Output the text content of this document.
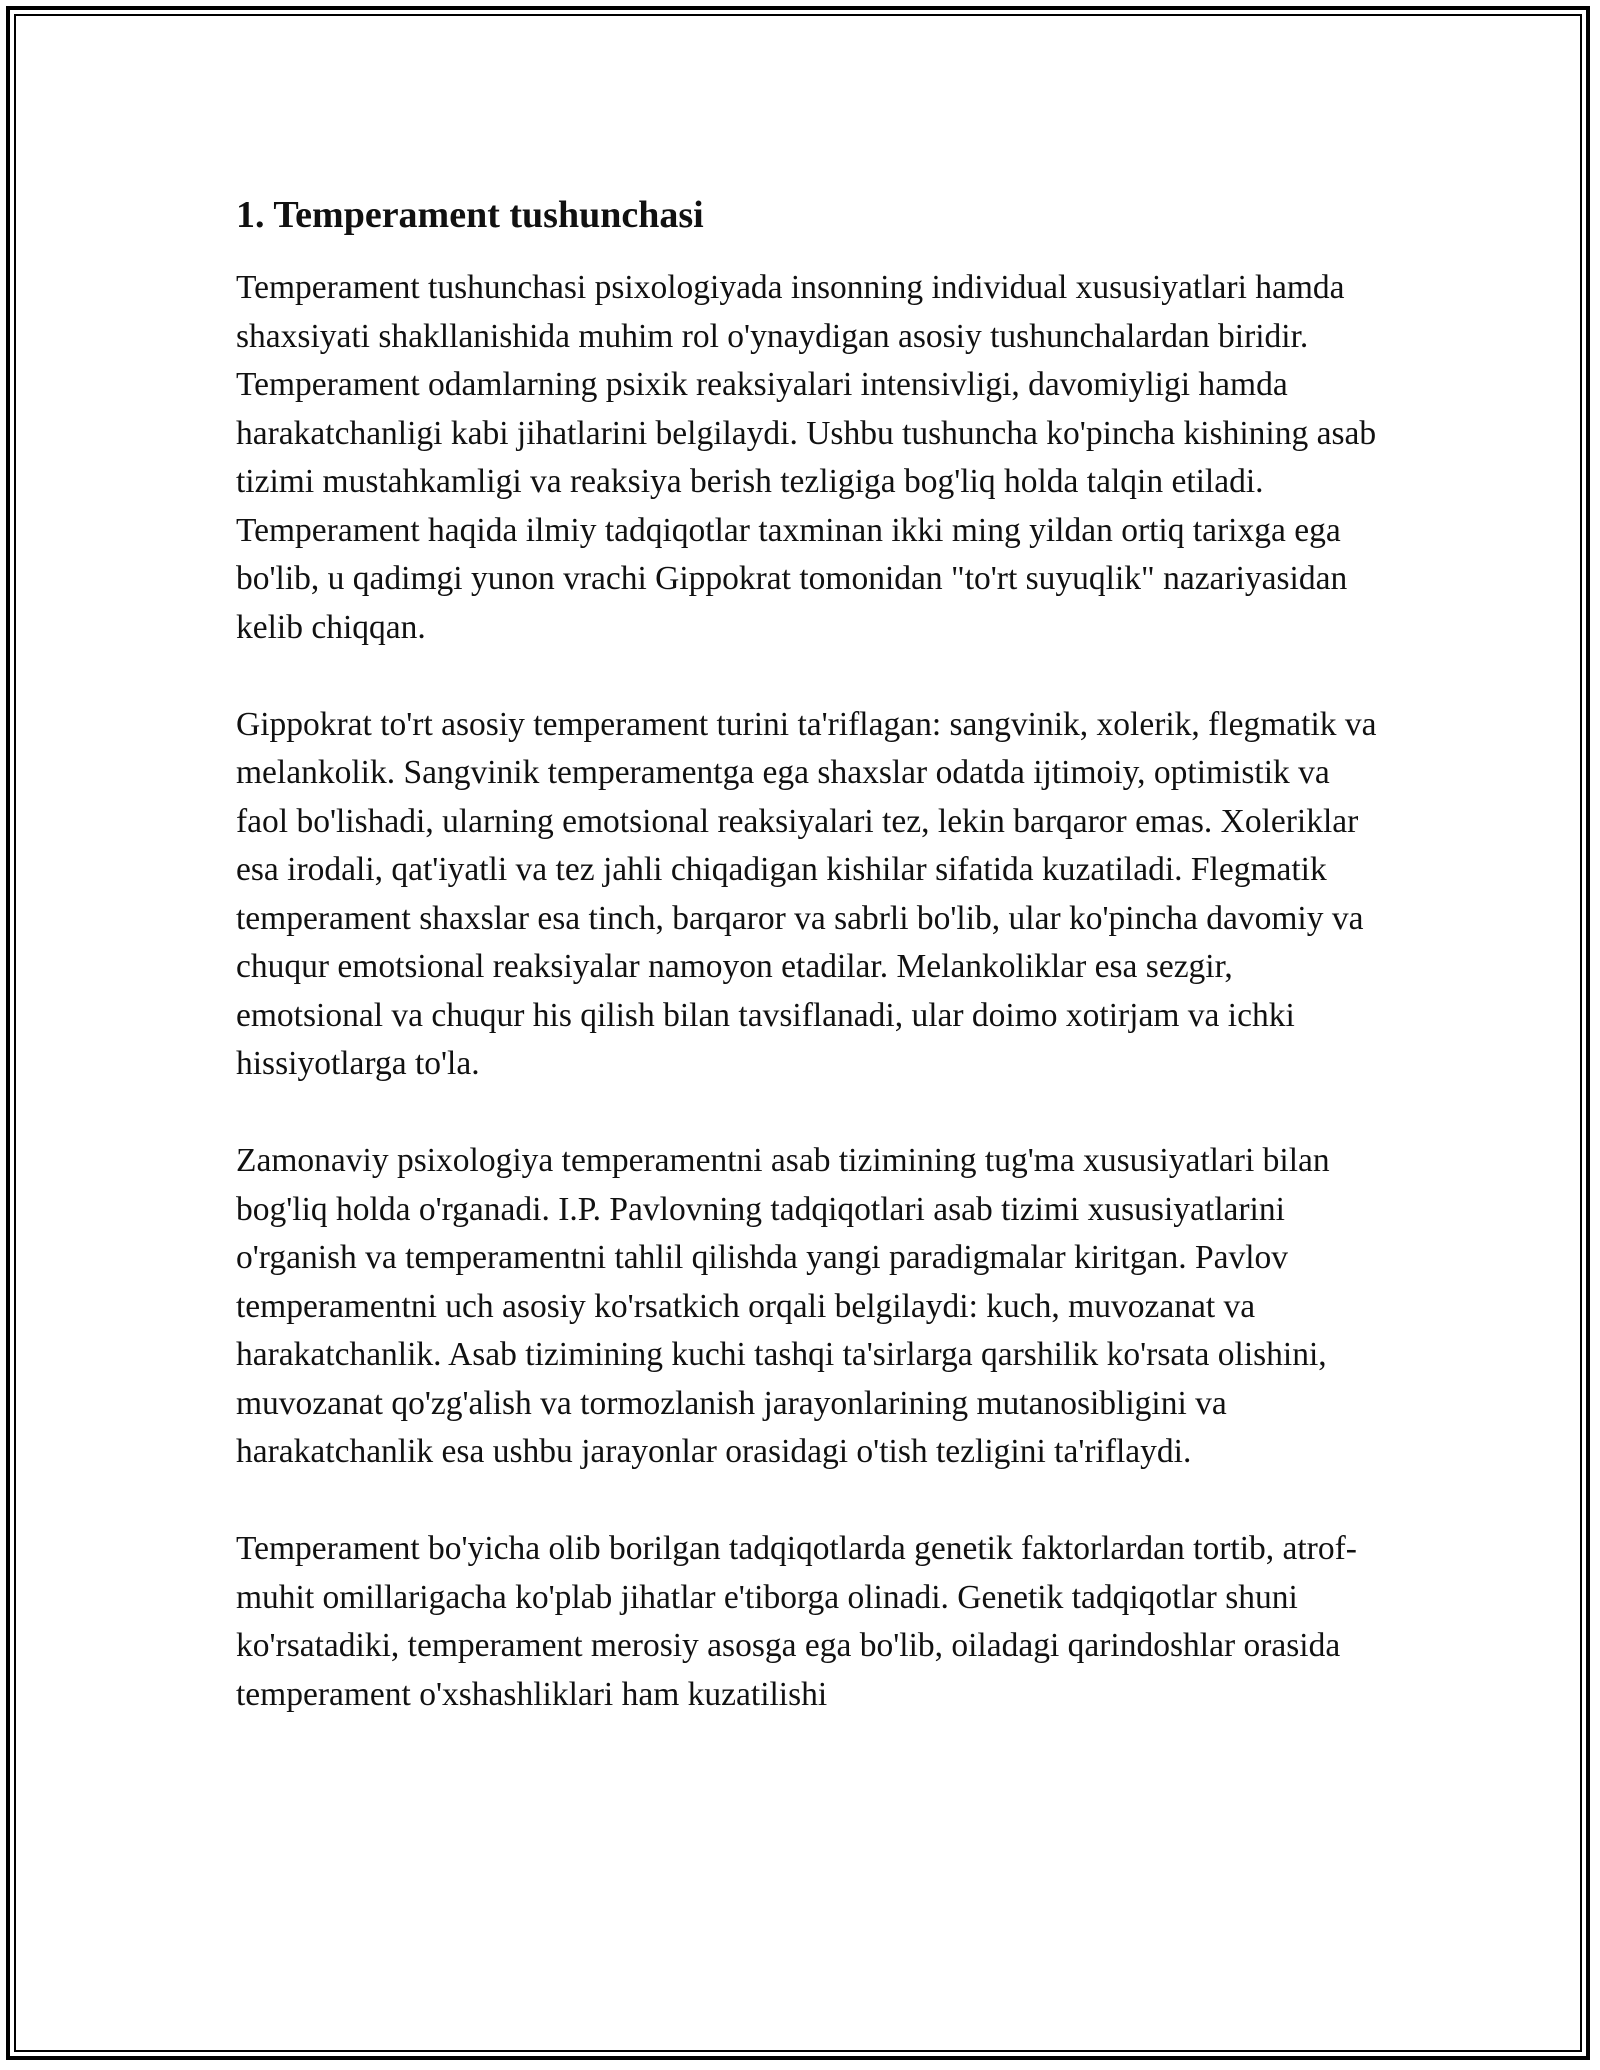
1. Temperament tushunchasi

Temperament tushunchasi psixologiyada insonning individual xususiyatlari hamda shaxsiyati shakllanishida muhim rol o'ynaydigan asosiy tushunchalardan biridir. Temperament odamlarning psixik reaksiyalari intensivligi, davomiyligi hamda harakatchanligi kabi jihatlarini belgilaydi. Ushbu tushuncha ko'pincha kishining asab tizimi mustahkamligi va reaksiya berish tezligiga bog'liq holda talqin etiladi. Temperament haqida ilmiy tadqiqotlar taxminan ikki ming yildan ortiq tarixga ega bo'lib, u qadimgi yunon vrachi Gippokrat tomonidan "to'rt suyuqlik" nazariyasidan kelib chiqqan.

Gippokrat to'rt asosiy temperament turini ta'riflagan: sangvinik, xolerik, flegmatik va melankolik. Sangvinik temperamentga ega shaxslar odatda ijtimoiy, optimistik va faol bo'lishadi, ularning emotsional reaksiyalari tez, lekin barqaror emas. Xoleriklar esa irodali, qat'iyatli va tez jahli chiqadigan kishilar sifatida kuzatiladi. Flegmatik temperament shaxslar esa tinch, barqaror va sabrli bo'lib, ular ko'pincha davomiy va chuqur emotsional reaksiyalar namoyon etadilar. Melankoliklar esa sezgir, emotsional va chuqur his qilish bilan tavsiflanadi, ular doimo xotirjam va ichki hissiyotlarga to'la.

Zamonaviy psixologiya temperamentni asab tizimining tug'ma xususiyatlari bilan bog'liq holda o'rganadi. I.P. Pavlovning tadqiqotlari asab tizimi xususiyatlarini o'rganish va temperamentni tahlil qilishda yangi paradigmalar kiritgan. Pavlov temperamentni uch asosiy ko'rsatkich orqali belgilaydi: kuch, muvozanat va harakatchanlik. Asab tizimining kuchi tashqi ta'sirlarga qarshilik ko'rsata olishini, muvozanat qo'zg'alish va tormozlanish jarayonlarining mutanosibligini va harakatchanlik esa ushbu jarayonlar orasidagi o'tish tezligini ta'riflaydi.

Temperament bo'yicha olib borilgan tadqiqotlarda genetik faktorlardan tortib, atrof-muhit omillarigacha ko'plab jihatlar e'tiborga olinadi. Genetik tadqiqotlar shuni ko'rsatadiki, temperament merosiy asosga ega bo'lib, oiladagi qarindoshlar orasida temperament o'xshashliklari ham kuzatilishi
